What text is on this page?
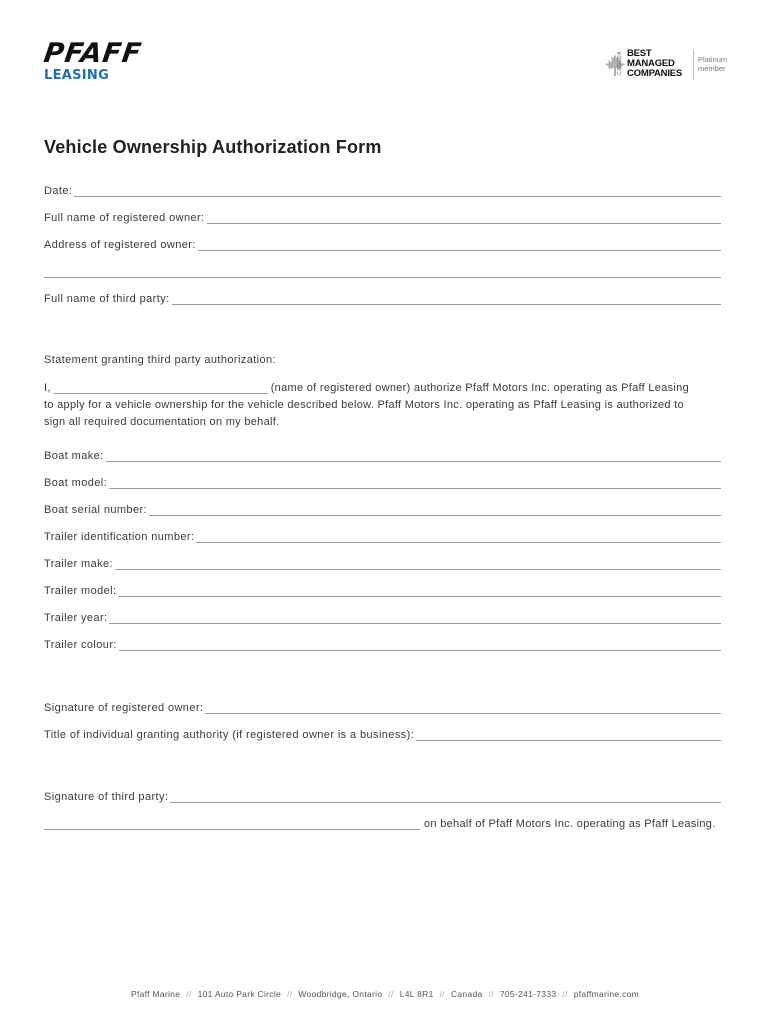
PFAFF
LEASING
CANADA BEST
MANAGED
COMPANIES
Platinum
member
Vehicle Ownership Authorization Form
Date:
Full name of registered owner:
Address of registered owner:
Full name of third party:
Statement granting third party authorization:
I,	(name of registered owner) authorize Pfaff Motors Inc. operating as Pfaff Leasing
to apply for a vehicle ownership for the vehicle described below. Pfaff Motors Inc. operating as Pfaff Leasing is authorized to
sign all required documentation on my behalf.
Boat make:
Boat model:
Boat serial number:
Trailer identification number:
Trailer make:
Trailer model:
Trailer year:
Trailer colour:
Signature of registered owner:
Title of individual granting authority (if registered owner is a business):
Signature of third party:
on behalf of Pfaff Motors Inc. operating as Pfaff Leasing.
Pfaff Marine // 101 Auto Park Circle // Woodbridge, Ontario // L4L 8R1 // Canada // 705-241-7333 // pfaffmarine.com
